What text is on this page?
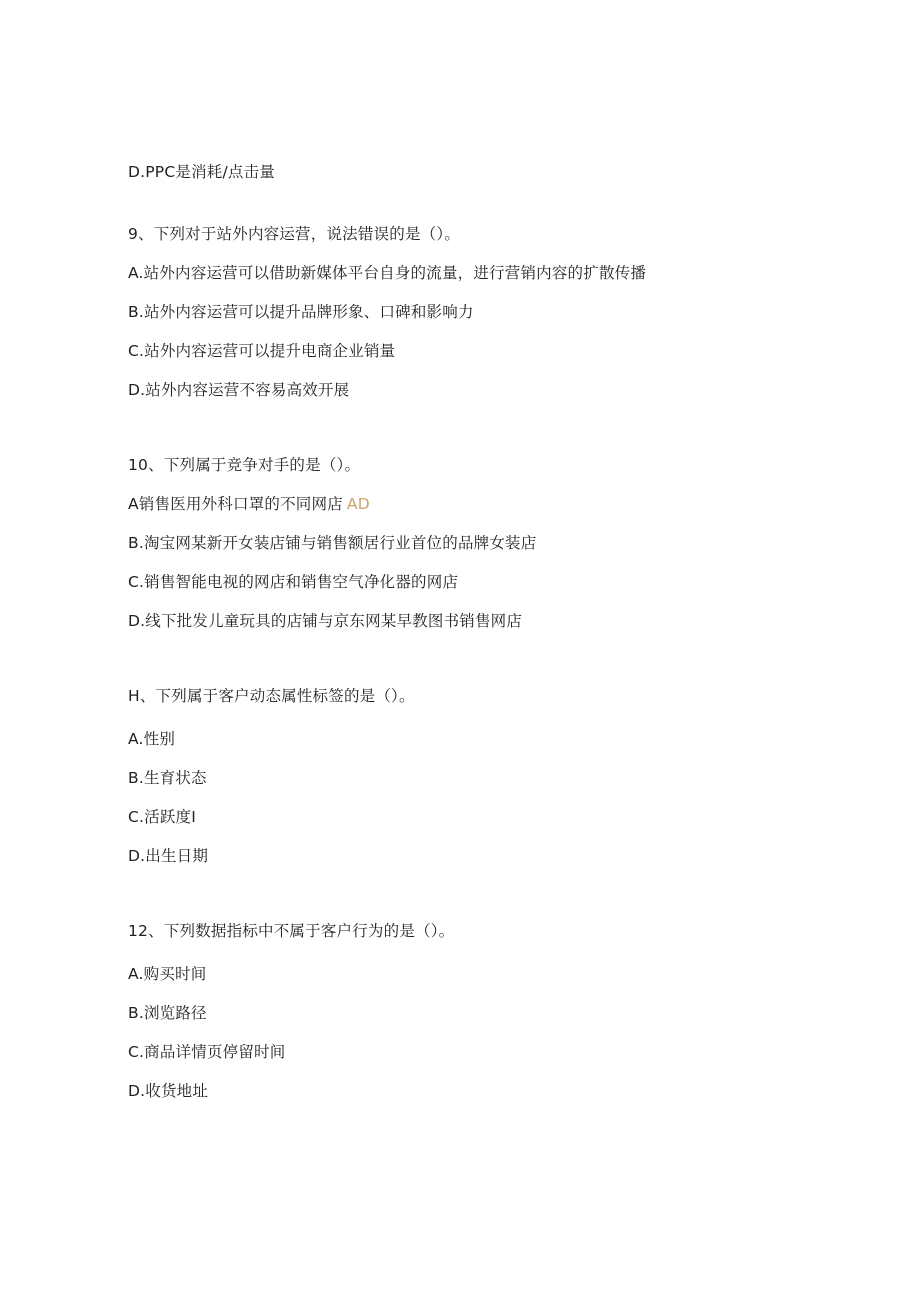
D.PPC是消耗/点击量
9、下列对于站外内容运营，说法错误的是（）。
A.站外内容运营可以借助新媒体平台自身的流量，进行营销内容的扩散传播
B.站外内容运营可以提升品牌形象、口碑和影响力
C.站外内容运营可以提升电商企业销量
D.站外内容运营不容易高效开展
10、下列属于竞争对手的是（）。
A销售医用外科口罩的不同网店 AD
B.淘宝网某新开女装店铺与销售额居行业首位的品牌女装店
C.销售智能电视的网店和销售空气净化器的网店
D.线下批发儿童玩具的店铺与京东网某早教图书销售网店
H、下列属于客户动态属性标签的是（）。
A.性别
B.生育状态
C.活跃度I
D.出生日期
12、下列数据指标中不属于客户行为的是（）。
A.购买时间
B.浏览路径
C.商品详情页停留时间
D.收货地址
